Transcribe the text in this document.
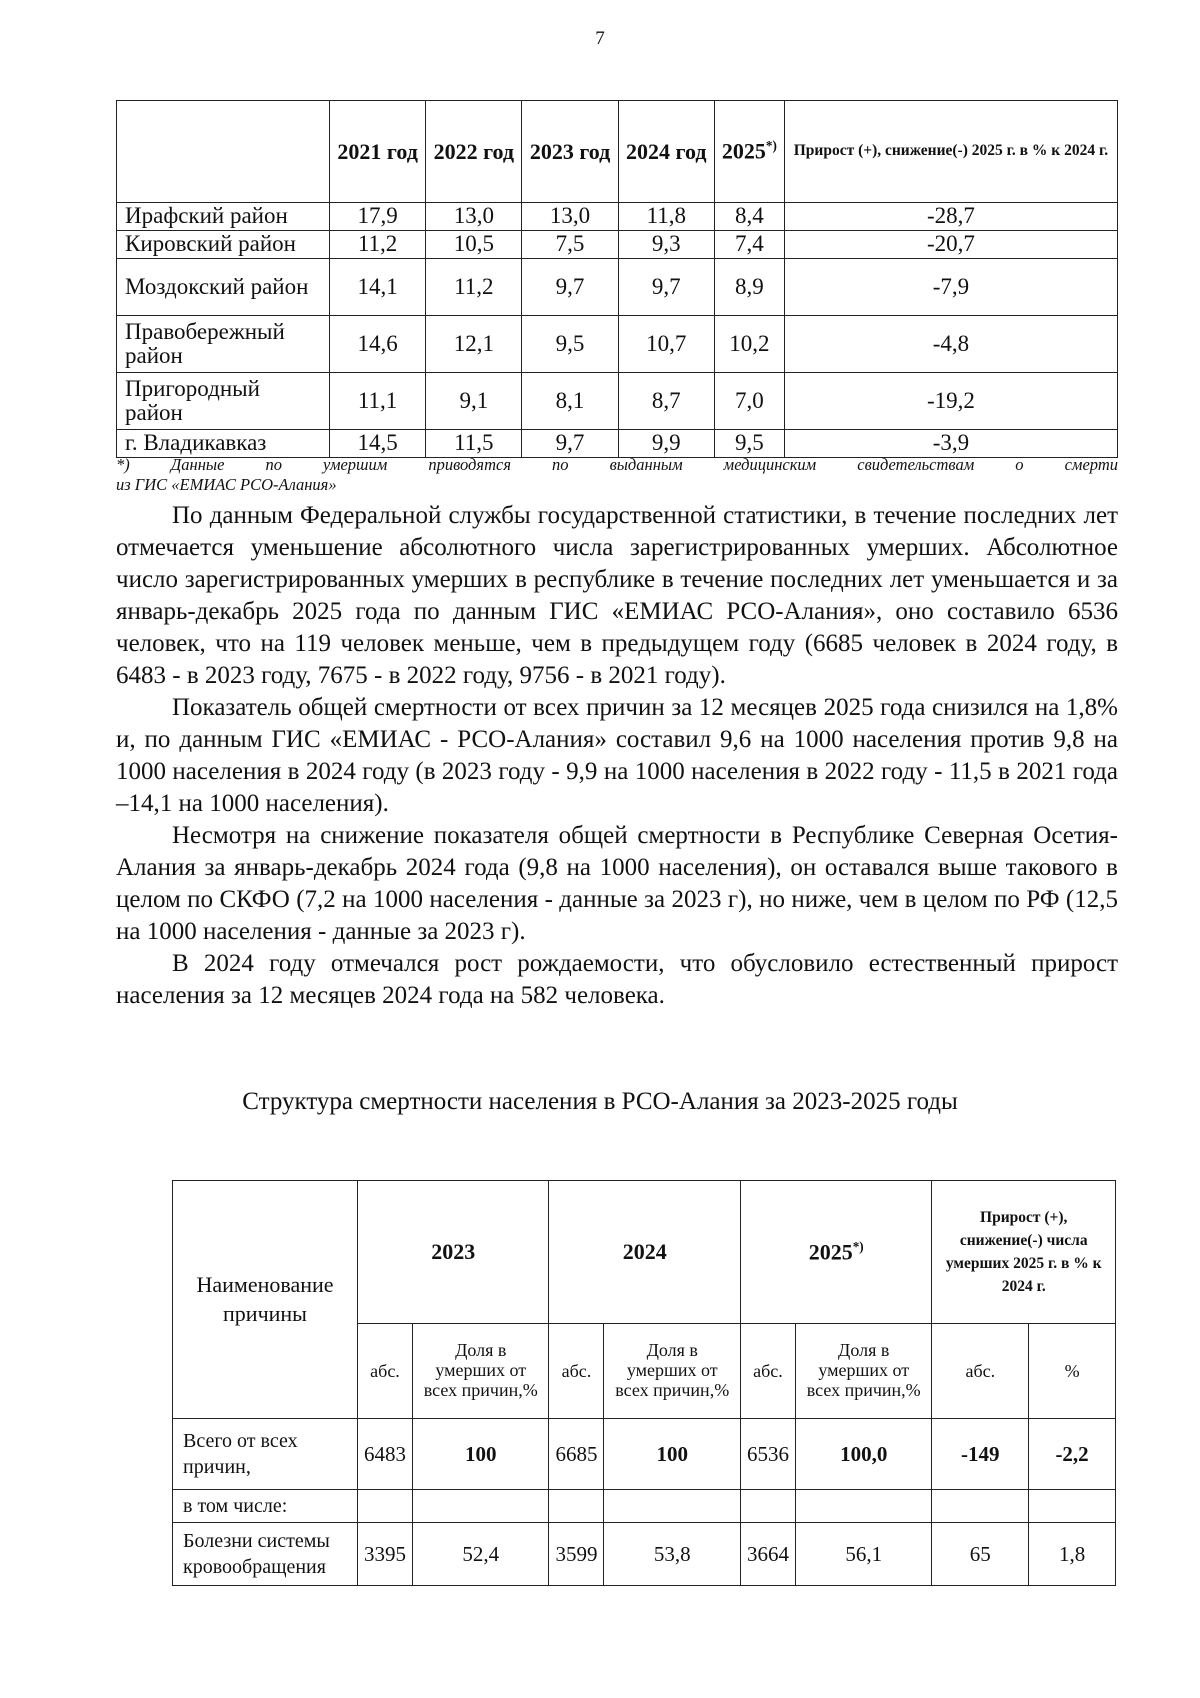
7
	2021 год	2022 год	2023 год	2024 год	2025*)	Прирост (+), снижение(-) 2025 г. в % к 2024 г.
Ирафский район	17,9	13,0	13,0	11,8	8,4	-28,7
Кировский район	11,2	10,5	7,5	9,3	7,4	-20,7
Моздокский район	14,1	11,2	9,7	9,7	8,9	-7,9
Правобережный район	14,6	12,1	9,5	10,7	10,2	-4,8
Пригородный район	11,1	9,1	8,1	8,7	7,0	-19,2
г. Владикавказ	14,5	11,5	9,7	9,9	9,5	-3,9
*) Данные по умершим приводятся по выданным медицинским свидетельствам о смерти
из ГИС «ЕМИАС РСО-Алания»

По данным Федеральной службы государственной статистики, в течение последних лет отмечается уменьшение абсолютного числа зарегистрированных умерших. Абсолютное число зарегистрированных умерших в республике в течение последних лет уменьшается и за январь-декабрь 2025 года по данным ГИС «ЕМИАС РСО-Алания», оно составило 6536 человек, что на 119 человек меньше, чем в предыдущем году (6685 человек в 2024 году, в 6483 - в 2023 году, 7675 - в 2022 году, 9756 - в 2021 году).

Показатель общей смертности от всех причин за 12 месяцев 2025 года снизился на 1,8% и, по данным ГИС «ЕМИАС - РСО-Алания» составил 9,6 на 1000 населения против 9,8 на 1000 населения в 2024 году (в 2023 году - 9,9 на 1000 населения в 2022 году - 11,5 в 2021 года –14,1 на 1000 населения).

Несмотря на снижение показателя общей смертности в Республике Северная Осетия-Алания за январь-декабрь 2024 года (9,8 на 1000 населения), он оставался выше такового в целом по СКФО (7,2 на 1000 населения - данные за 2023 г), но ниже, чем в целом по РФ (12,5 на 1000 населения - данные за 2023 г).

В 2024 году отмечался рост рождаемости, что обусловило естественный прирост населения за 12 месяцев 2024 года на 582 человека.

Структура смертности населения в РСО-Алания за 2023-2025 годы
Наименование причины	2023		2024		2025*)		Прирост (+), снижение(-) числа умерших 2025 г. в % к 2024 г.	
	абс.	Доля в умерших от всех причин,%	абс.	Доля в умерших от всех причин,%	абс.	Доля в умерших от всех причин,%	абс.	%
Всего от всех причин,	6483	100	6685	100	6536	100,0	-149	-2,2
в том числе:								
Болезни системы кровообращения	3395	52,4	3599	53,8	3664	56,1	65	1,8
